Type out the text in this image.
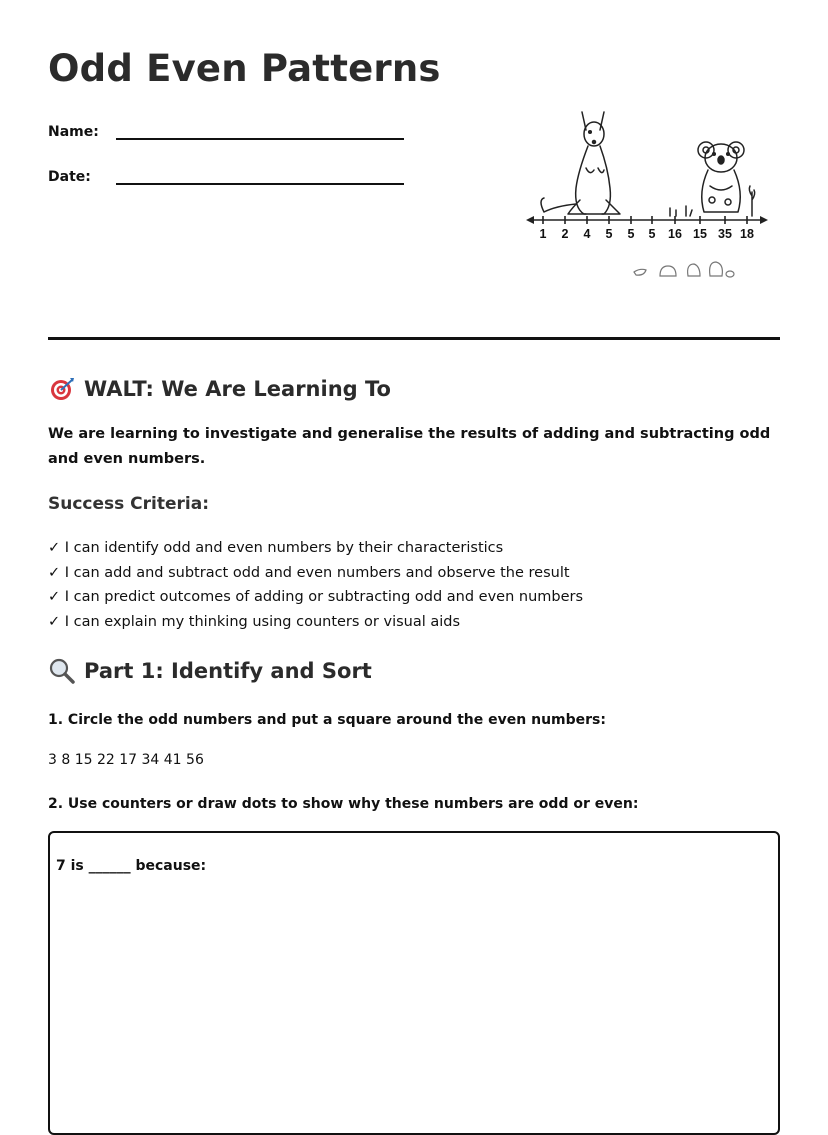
Odd Even Patterns
Name:
Date:
1 2 4 5 5 5 16 15 35 18
WALT: We Are Learning To

We are learning to investigate and generalise the results of adding and subtracting odd and even numbers.

Success Criteria:
✓ I can identify odd and even numbers by their characteristics
✓ I can add and subtract odd and even numbers and observe the result
✓ I can predict outcomes of adding or subtracting odd and even numbers
✓ I can explain my thinking using counters or visual aids
Part 1: Identify and Sort

1. Circle the odd numbers and put a square around the even numbers:

3 8 15 22 17 34 41 56

2. Use counters or draw dots to show why these numbers are odd or even:

7 is ______ because:
